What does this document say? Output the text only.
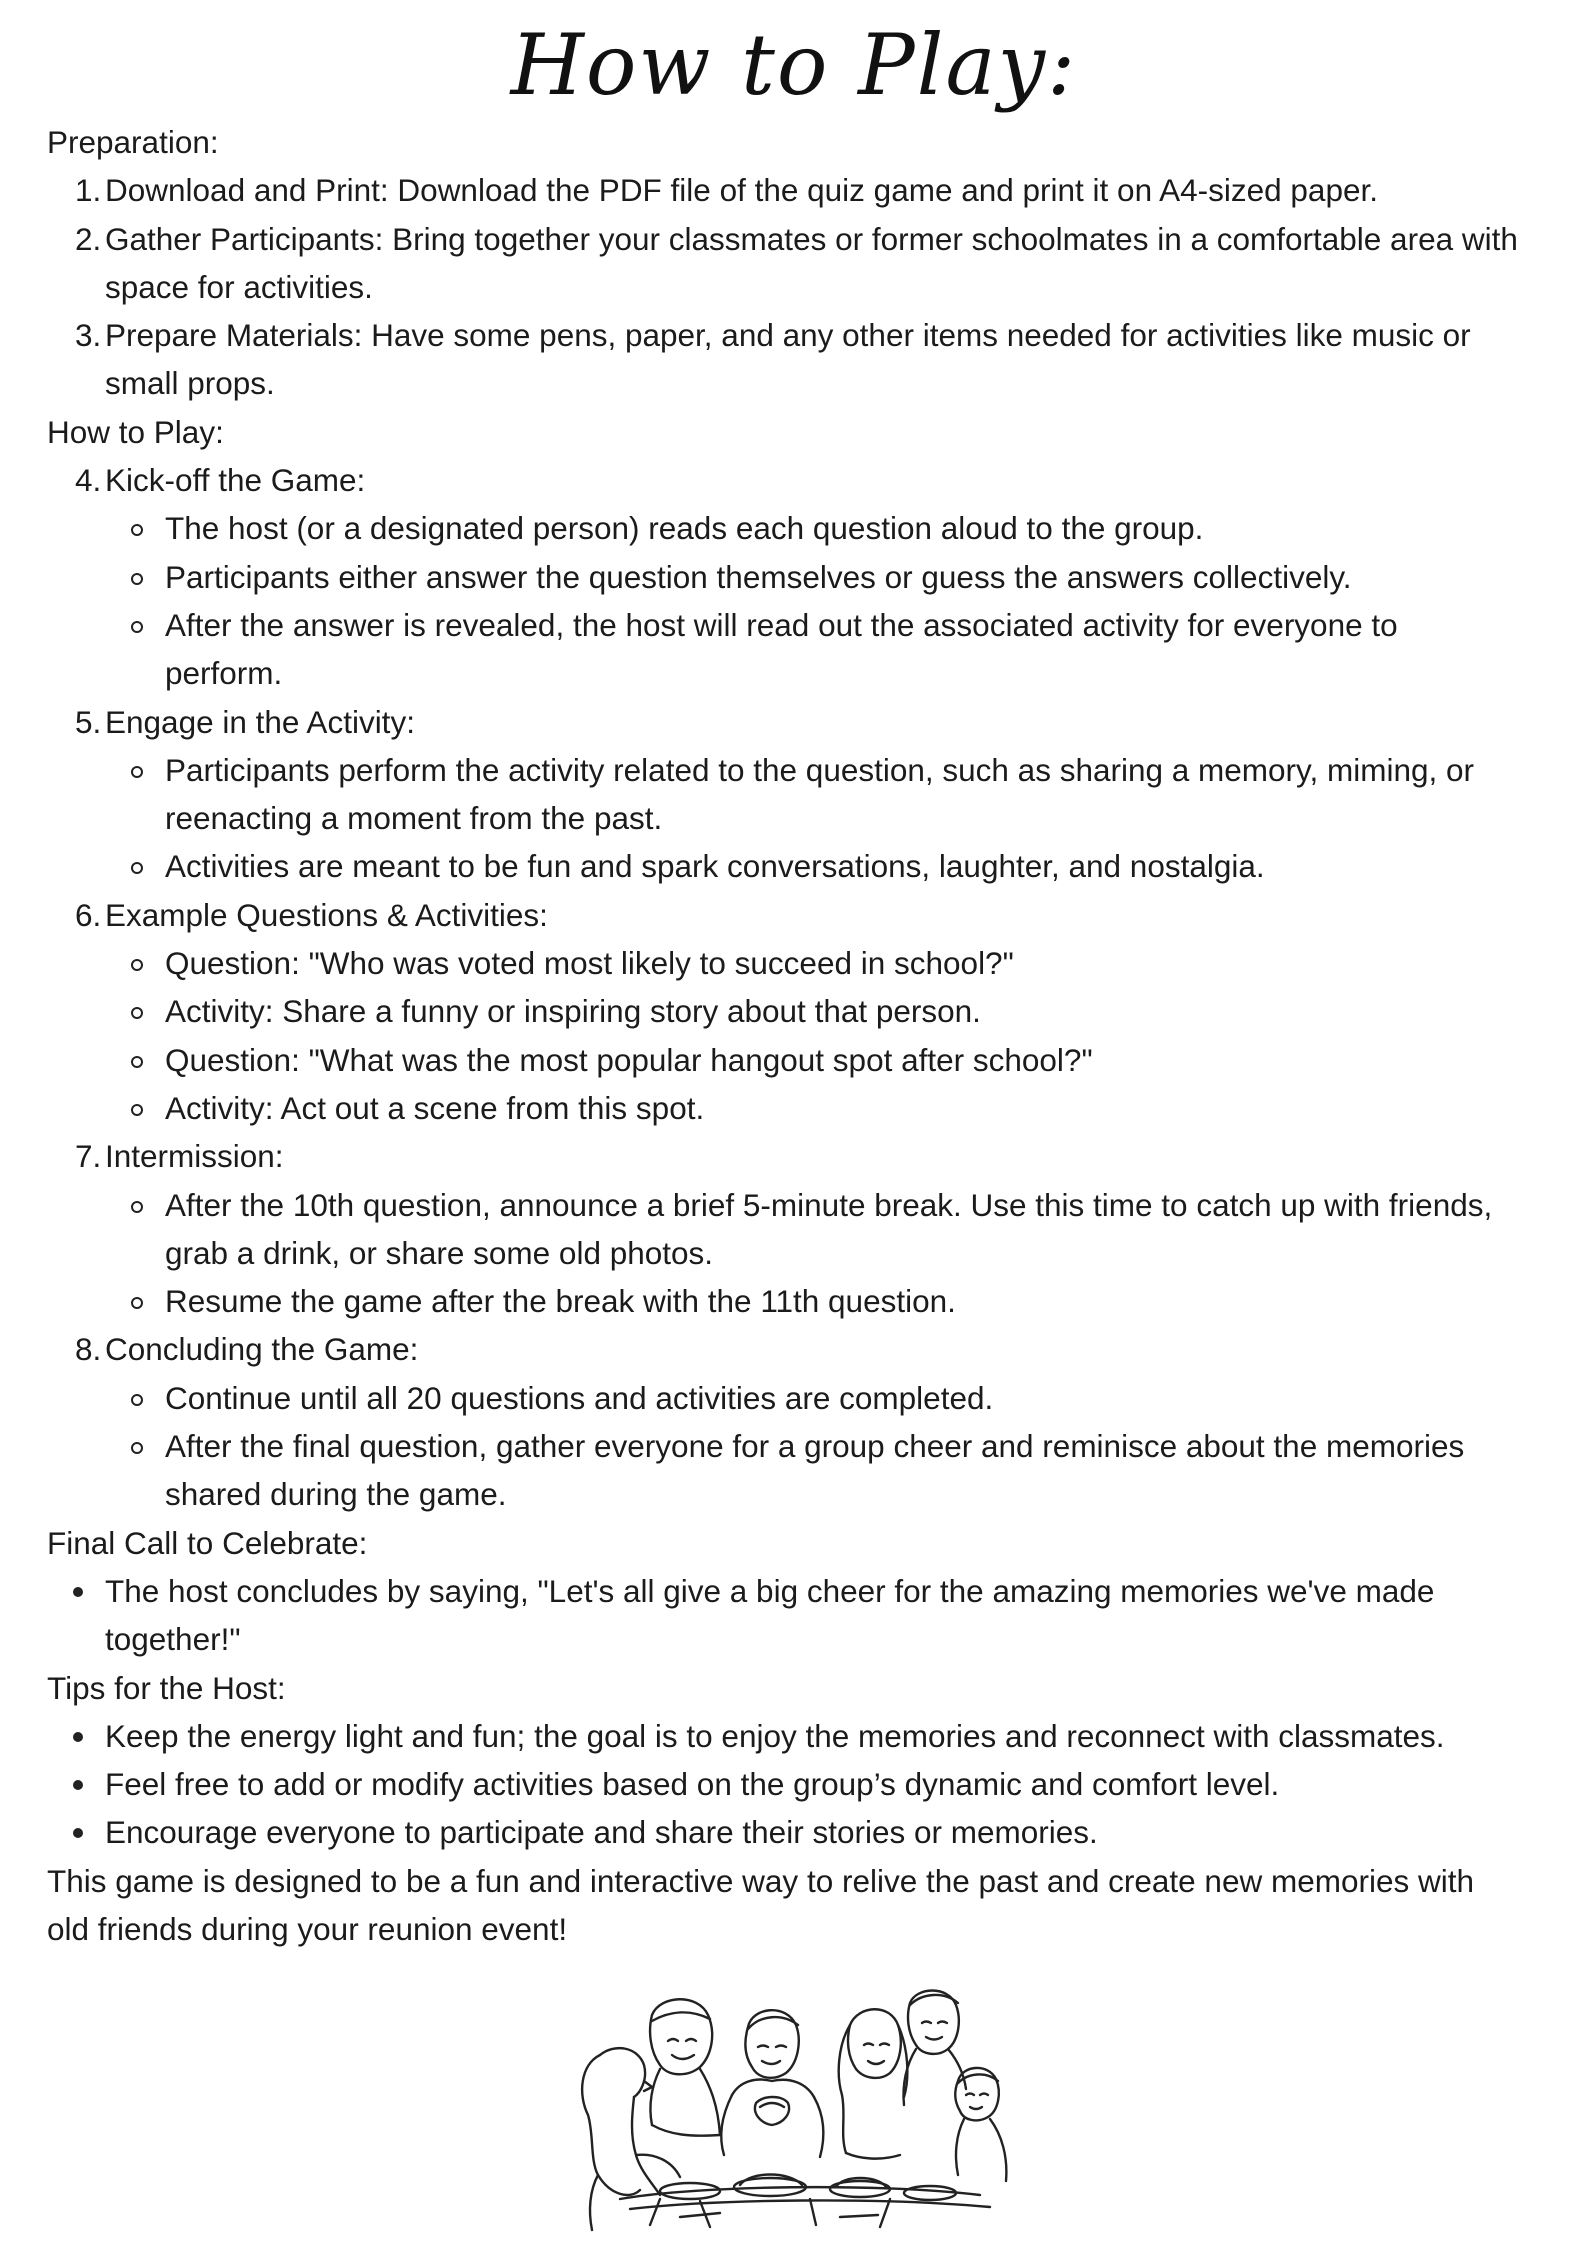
How to Play:
Preparation:
1. Download and Print: Download the PDF file of the quiz game and print it on A4-sized paper.
2. Gather Participants: Bring together your classmates or former schoolmates in a comfortable area with
space for activities.
3. Prepare Materials: Have some pens, paper, and any other items needed for activities like music or
small props.
How to Play:
4. Kick-off the Game:
The host (or a designated person) reads each question aloud to the group.
Participants either answer the question themselves or guess the answers collectively.
After the answer is revealed, the host will read out the associated activity for everyone to
perform.
5. Engage in the Activity:
Participants perform the activity related to the question, such as sharing a memory, miming, or
reenacting a moment from the past.
Activities are meant to be fun and spark conversations, laughter, and nostalgia.
6. Example Questions & Activities:
Question: "Who was voted most likely to succeed in school?"
Activity: Share a funny or inspiring story about that person.
Question: "What was the most popular hangout spot after school?"
Activity: Act out a scene from this spot.
7. Intermission:
After the 10th question, announce a brief 5-minute break. Use this time to catch up with friends,
grab a drink, or share some old photos.
Resume the game after the break with the 11th question.
8. Concluding the Game:
Continue until all 20 questions and activities are completed.
After the final question, gather everyone for a group cheer and reminisce about the memories
shared during the game.
Final Call to Celebrate:
The host concludes by saying, "Let's all give a big cheer for the amazing memories we've made
together!"
Tips for the Host:
Keep the energy light and fun; the goal is to enjoy the memories and reconnect with classmates.
Feel free to add or modify activities based on the group’s dynamic and comfort level.
Encourage everyone to participate and share their stories or memories.
This game is designed to be a fun and interactive way to relive the past and create new memories with
old friends during your reunion event!
